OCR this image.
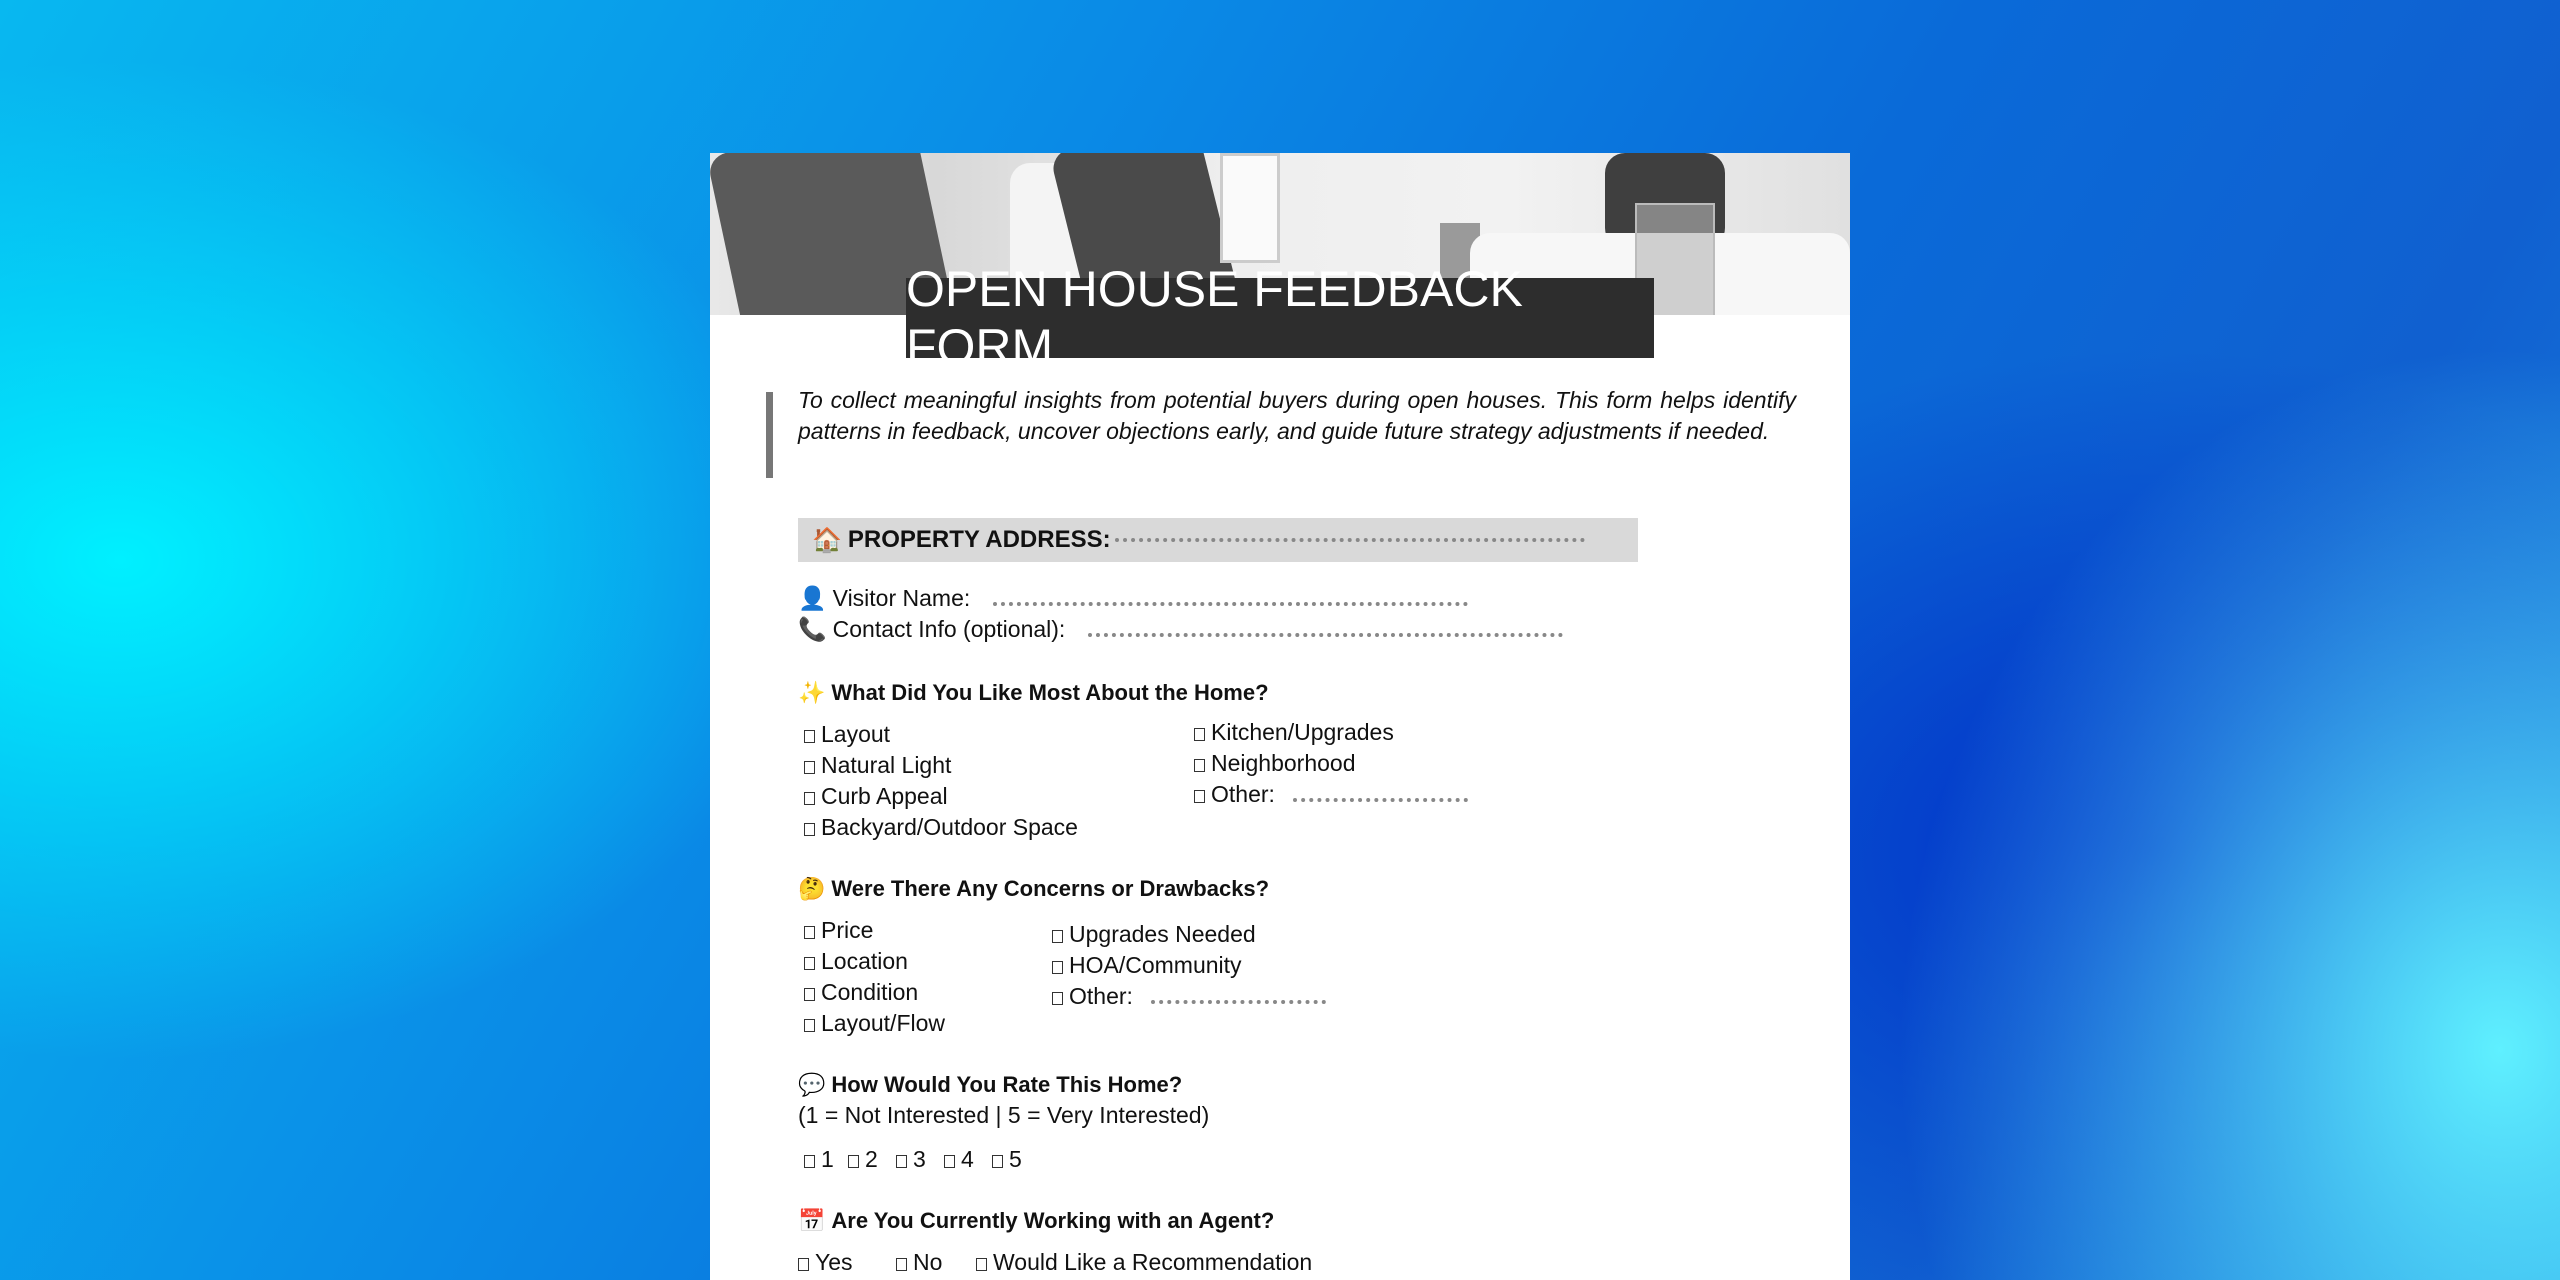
OPEN HOUSE FEEDBACK FORM

To collect meaningful insights from potential buyers during open houses. This form helps identify patterns in feedback, uncover objections early, and guide future strategy adjustments if needed.

🏠 PROPERTY ADDRESS:
👤 Visitor Name:
📞 Contact Info (optional):
✨ What Did You Like Most About the Home?
🤔 Were There Any Concerns or Drawbacks?
💬 How Would You Rate This Home?
(1 = Not Interested | 5 = Very Interested)
📅 Are You Currently Working with an Agent?
Layout
Natural Light
Curb Appeal
Backyard/Outdoor Space
Kitchen/Upgrades
Neighborhood
Other:
Price
Location
Condition
Layout/Flow
Upgrades Needed
HOA/Community
Other:
1	2	3	4	5
Yes	No	Would Like a Recommendation
